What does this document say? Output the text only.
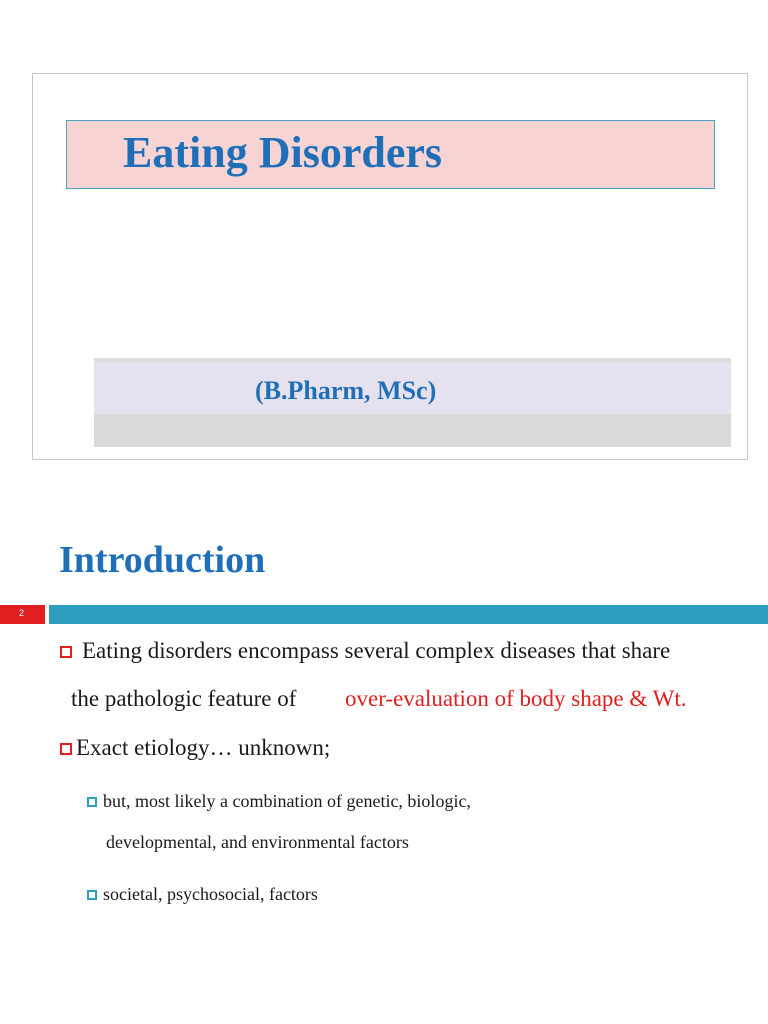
Eating Disorders
(B.Pharm, MSc)
Introduction
2
Eating disorders encompass several complex diseases that share
the pathologic feature of over-evaluation of body shape & Wt.
Exact etiology… unknown;
but, most likely a combination of genetic, biologic,
developmental, and environmental factors
societal, psychosocial, factors
